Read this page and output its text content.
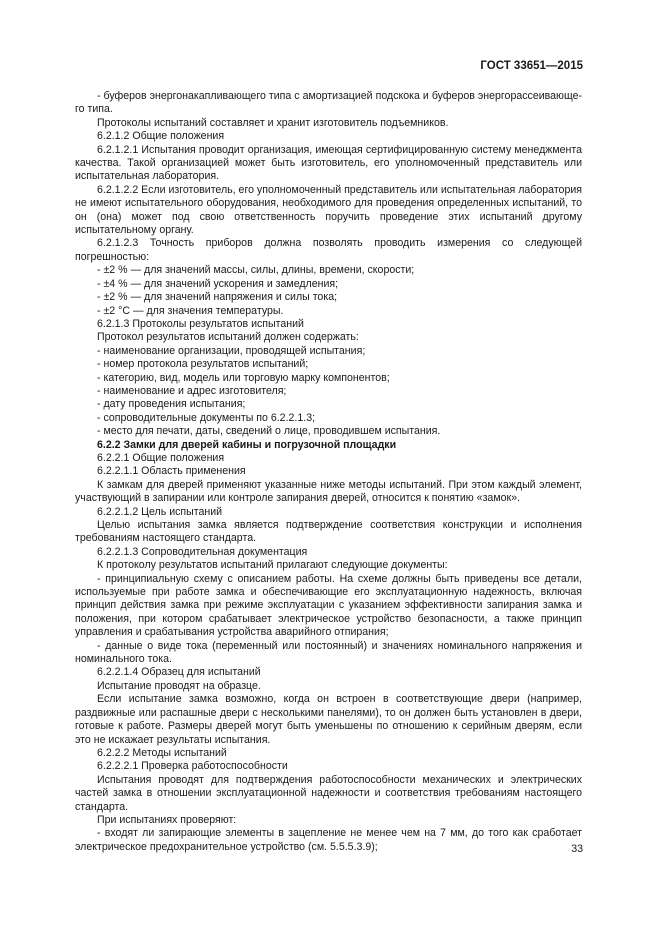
ГОСТ 33651—2015

- буферов энергонакапливающего типа с амортизацией подскока и буферов энергорассеивающе-го типа.

Протоколы испытаний составляет и хранит изготовитель подъемников.

6.2.1.2 Общие положения

6.2.1.2.1 Испытания проводит организация, имеющая сертифицированную систему менеджмента качества. Такой организацией может быть изготовитель, его уполномоченный представитель или испытательная лаборатория.

6.2.1.2.2 Если изготовитель, его уполномоченный представитель или испытательная лаборатория не имеют испытательного оборудования, необходимого для проведения определенных испытаний, то он (она) может под свою ответственность поручить проведение этих испытаний другому испытательному органу.

6.2.1.2.3 Точность приборов должна позволять проводить измерения со следующей погрешностью:

- ±2 % — для значений массы, силы, длины, времени, скорости;

- ±4 % — для значений ускорения и замедления;

- ±2 % — для значений напряжения и силы тока;

- ±2 °С — для значения температуры.

6.2.1.3 Протоколы результатов испытаний

Протокол результатов испытаний должен содержать:

- наименование организации, проводящей испытания;

- номер протокола результатов испытаний;

- категорию, вид, модель или торговую марку компонентов;

- наименование и адрес изготовителя;

- дату проведения испытания;

- сопроводительные документы по 6.2.2.1.3;

- место для печати, даты, сведений о лице, проводившем испытания.

6.2.2 Замки для дверей кабины и погрузочной площадки

6.2.2.1 Общие положения

6.2.2.1.1 Область применения

К замкам для дверей применяют указанные ниже методы испытаний. При этом каждый элемент, участвующий в запирании или контроле запирания дверей, относится к понятию «замок».

6.2.2.1.2 Цель испытаний

Целью испытания замка является подтверждение соответствия конструкции и исполнения требованиям настоящего стандарта.

6.2.2.1.3 Сопроводительная документация

К протоколу результатов испытаний прилагают следующие документы:

- принципиальную схему с описанием работы. На схеме должны быть приведены все детали, используемые при работе замка и обеспечивающие его эксплуатационную надежность, включая принцип действия замка при режиме эксплуатации с указанием эффективности запирания замка и положения, при котором срабатывает электрическое устройство безопасности, а также принцип управления и срабатывания устройства аварийного отпирания;

- данные о виде тока (переменный или постоянный) и значениях номинального напряжения и номинального тока.

6.2.2.1.4 Образец для испытаний

Испытание проводят на образце.

Если испытание замка возможно, когда он встроен в соответствующие двери (например, раздвижные или распашные двери с несколькими панелями), то он должен быть установлен в двери, готовые к работе. Размеры дверей могут быть уменьшены по отношению к серийным дверям, если это не искажает результаты испытания.

6.2.2.2 Методы испытаний

6.2.2.2.1 Проверка работоспособности

Испытания проводят для подтверждения работоспособности механических и электрических частей замка в отношении эксплуатационной надежности и соответствия требованиям настоящего стандарта.

При испытаниях проверяют:

- входят ли запирающие элементы в зацепление не менее чем на 7 мм, до того как сработает электрическое предохранительное устройство (см. 5.5.5.3.9);	33
